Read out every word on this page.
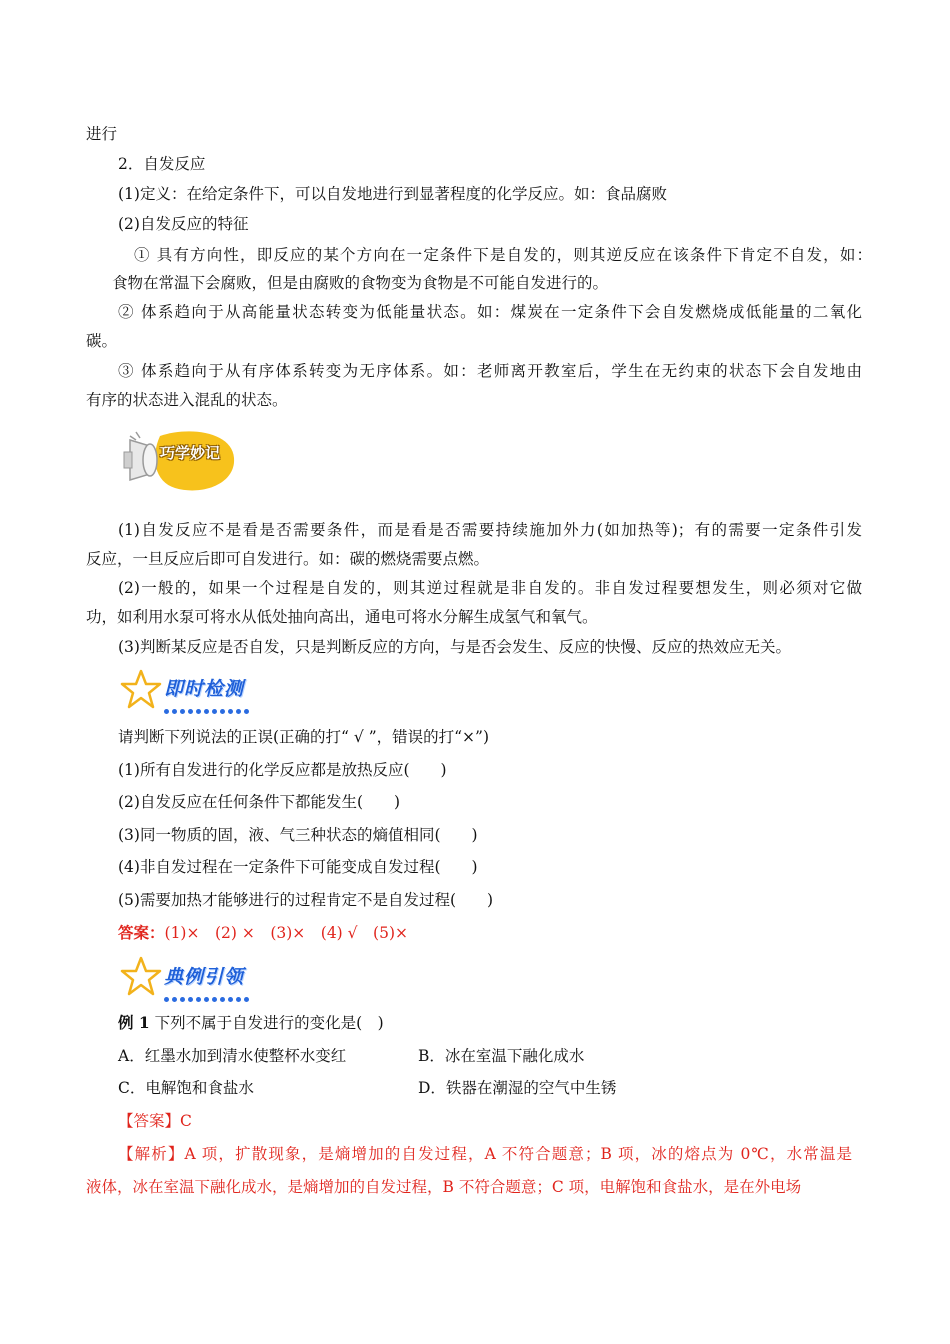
进行
2．自发反应
(1)定义：在给定条件下，可以自发地进行到显著程度的化学反应。如：食品腐败
(2)自发反应的特征
① 具有方向性，即反应的某个方向在一定条件下是自发的，则其逆反应在该条件下肯定不自发，如：
食物在常温下会腐败，但是由腐败的食物变为食物是不可能自发进行的。
② 体系趋向于从高能量状态转变为低能量状态。如：煤炭在一定条件下会自发燃烧成低能量的二氧化
碳。
③ 体系趋向于从有序体系转变为无序体系。如：老师离开教室后，学生在无约束的状态下会自发地由
有序的状态进入混乱的状态。
巧学妙记
(1)自发反应不是看是否需要条件，而是看是否需要持续施加外力(如加热等)；有的需要一定条件引发
反应，一旦反应后即可自发进行。如：碳的燃烧需要点燃。
(2)一般的，如果一个过程是自发的，则其逆过程就是非自发的。非自发过程要想发生，则必须对它做
功，如利用水泵可将水从低处抽向高出，通电可将水分解生成氢气和氧气。
(3)判断某反应是否自发，只是判断反应的方向，与是否会发生、反应的快慢、反应的热效应无关。
即时检测
请判断下列说法的正误(正确的打“ √ ”，错误的打“×”)
(1)所有自发进行的化学反应都是放热反应(　　)
(2)自发反应在任何条件下都能发生(　　)
(3)同一物质的固，液、气三种状态的熵值相同(　　)
(4)非自发过程在一定条件下可能变成自发过程(　　)
(5)需要加热才能够进行的过程肯定不是自发过程(　　)
答案：(1)×　(2) ×　(3)×　(4) √　(5)×
典例引领
例 1 下列不属于自发进行的变化是(　)
A．红墨水加到清水使整杯水变红	B．冰在室温下融化成水
C．电解饱和食盐水	D．铁器在潮湿的空气中生锈
【答案】C
【解析】A 项，扩散现象，是熵增加的自发过程，A 不符合题意；B 项，冰的熔点为 0℃，水常温是
液体，冰在室温下融化成水，是熵增加的自发过程，B 不符合题意；C 项，电解饱和食盐水，是在外电场
